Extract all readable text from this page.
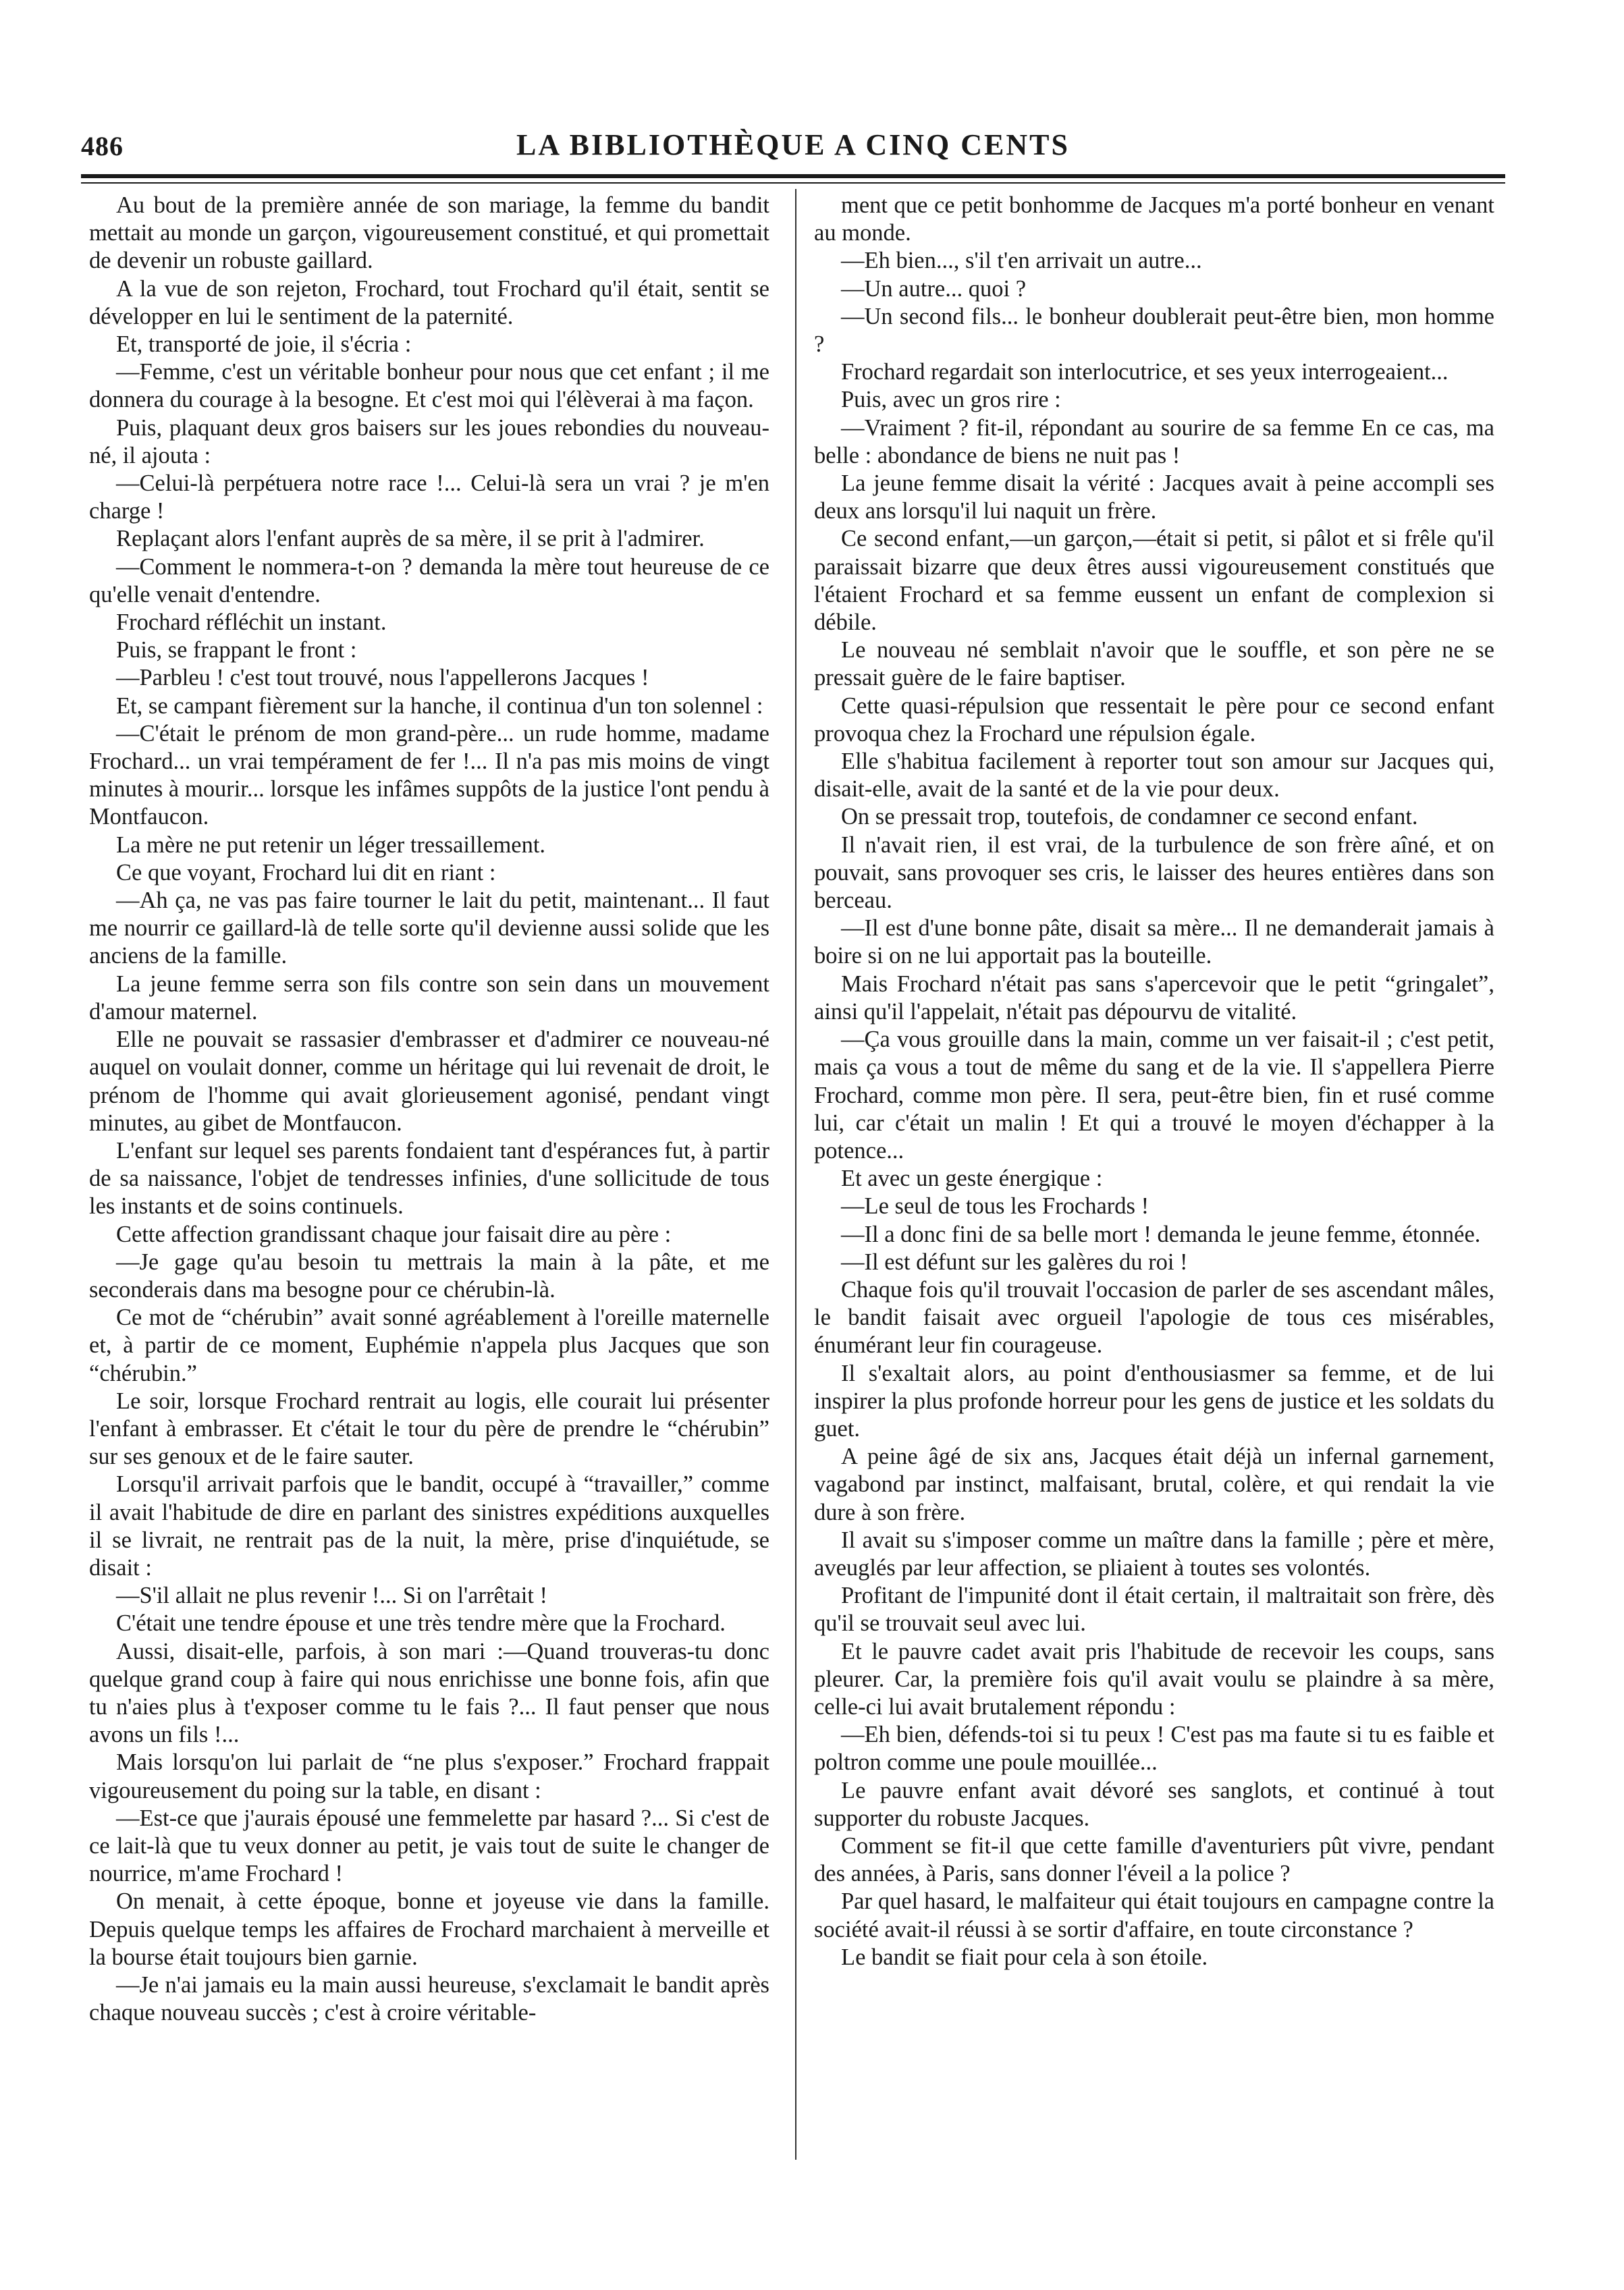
486	LA BIBLIOTHÈQUE A CINQ CENTS

Au bout de la première année de son mariage, la femme du bandit mettait au monde un garçon, vigoureusement constitué, et qui promettait de devenir un robuste gaillard.

A la vue de son rejeton, Frochard, tout Frochard qu'il était, sentit se développer en lui le sentiment de la paternité.

Et, transporté de joie, il s'écria :

—Femme, c'est un véritable bonheur pour nous que cet enfant ; il me donnera du courage à la besogne. Et c'est moi qui l'élèverai à ma façon.

Puis, plaquant deux gros baisers sur les joues rebondies du nouveau-né, il ajouta :

—Celui-là perpétuera notre race !... Celui-là sera un vrai ? je m'en charge !

Replaçant alors l'enfant auprès de sa mère, il se prit à l'admirer.

—Comment le nommera-t-on ? demanda la mère tout heureuse de ce qu'elle venait d'entendre.

Frochard réfléchit un instant.

Puis, se frappant le front :

—Parbleu ! c'est tout trouvé, nous l'appellerons Jacques !

Et, se campant fièrement sur la hanche, il continua d'un ton solennel :

—C'était le prénom de mon grand-père... un rude homme, madame Frochard... un vrai tempérament de fer !... Il n'a pas mis moins de vingt minutes à mourir... lorsque les infâmes suppôts de la justice l'ont pendu à Montfaucon.

La mère ne put retenir un léger tressaillement.

Ce que voyant, Frochard lui dit en riant :

—Ah ça, ne vas pas faire tourner le lait du petit, maintenant... Il faut me nourrir ce gaillard-là de telle sorte qu'il devienne aussi solide que les anciens de la famille.

La jeune femme serra son fils contre son sein dans un mouvement d'amour maternel.

Elle ne pouvait se rassasier d'embrasser et d'admirer ce nouveau-né auquel on voulait donner, comme un héritage qui lui revenait de droit, le prénom de l'homme qui avait glorieusement agonisé, pendant vingt minutes, au gibet de Montfaucon.

L'enfant sur lequel ses parents fondaient tant d'espérances fut, à partir de sa naissance, l'objet de tendresses infinies, d'une sollicitude de tous les instants et de soins continuels.

Cette affection grandissant chaque jour faisait dire au père :

—Je gage qu'au besoin tu mettrais la main à la pâte, et me seconderais dans ma besogne pour ce chérubin-là.

Ce mot de “chérubin” avait sonné agréablement à l'oreille maternelle et, à partir de ce moment, Euphémie n'appela plus Jacques que son “chérubin.”

Le soir, lorsque Frochard rentrait au logis, elle courait lui présenter l'enfant à embrasser. Et c'était le tour du père de prendre le “chérubin” sur ses genoux et de le faire sauter.

Lorsqu'il arrivait parfois que le bandit, occupé à “travailler,” comme il avait l'habitude de dire en parlant des sinistres expéditions auxquelles il se livrait, ne rentrait pas de la nuit, la mère, prise d'inquiétude, se disait :

—S'il allait ne plus revenir !... Si on l'arrêtait !

C'était une tendre épouse et une très tendre mère que la Frochard.

Aussi, disait-elle, parfois, à son mari :—Quand trouveras-tu donc quelque grand coup à faire qui nous enrichisse une bonne fois, afin que tu n'aies plus à t'exposer comme tu le fais ?... Il faut penser que nous avons un fils !...

Mais lorsqu'on lui parlait de “ne plus s'exposer.” Frochard frappait vigoureusement du poing sur la table, en disant :

—Est-ce que j'aurais épousé une femmelette par hasard ?... Si c'est de ce lait-là que tu veux donner au petit, je vais tout de suite le changer de nourrice, m'ame Frochard !

On menait, à cette époque, bonne et joyeuse vie dans la famille. Depuis quelque temps les affaires de Frochard marchaient à merveille et la bourse était toujours bien garnie.

—Je n'ai jamais eu la main aussi heureuse, s'exclamait le bandit après chaque nouveau succès ; c'est à croire véritable-

ment que ce petit bonhomme de Jacques m'a porté bonheur en venant au monde.

—Eh bien..., s'il t'en arrivait un autre...

—Un autre... quoi ?

—Un second fils... le bonheur doublerait peut-être bien, mon homme ?

Frochard regardait son interlocutrice, et ses yeux interrogeaient...

Puis, avec un gros rire :

—Vraiment ? fit-il, répondant au sourire de sa femme En ce cas, ma belle : abondance de biens ne nuit pas !

La jeune femme disait la vérité : Jacques avait à peine accompli ses deux ans lorsqu'il lui naquit un frère.

Ce second enfant,—un garçon,—était si petit, si pâlot et si frêle qu'il paraissait bizarre que deux êtres aussi vigoureusement constitués que l'étaient Frochard et sa femme eussent un enfant de complexion si débile.

Le nouveau né semblait n'avoir que le souffle, et son père ne se pressait guère de le faire baptiser.

Cette quasi-répulsion que ressentait le père pour ce second enfant provoqua chez la Frochard une répulsion égale.

Elle s'habitua facilement à reporter tout son amour sur Jacques qui, disait-elle, avait de la santé et de la vie pour deux.

On se pressait trop, toutefois, de condamner ce second enfant.

Il n'avait rien, il est vrai, de la turbulence de son frère aîné, et on pouvait, sans provoquer ses cris, le laisser des heures entières dans son berceau.

—Il est d'une bonne pâte, disait sa mère... Il ne demanderait jamais à boire si on ne lui apportait pas la bouteille.

Mais Frochard n'était pas sans s'apercevoir que le petit “gringalet”, ainsi qu'il l'appelait, n'était pas dépourvu de vitalité.

—Ça vous grouille dans la main, comme un ver faisait-il ; c'est petit, mais ça vous a tout de même du sang et de la vie. Il s'appellera Pierre Frochard, comme mon père. Il sera, peut-être bien, fin et rusé comme lui, car c'était un malin ! Et qui a trouvé le moyen d'échapper à la potence...

Et avec un geste énergique :

—Le seul de tous les Frochards !

—Il a donc fini de sa belle mort ! demanda le jeune femme, étonnée.

—Il est défunt sur les galères du roi !

Chaque fois qu'il trouvait l'occasion de parler de ses ascendant mâles, le bandit faisait avec orgueil l'apologie de tous ces misérables, énumérant leur fin courageuse.

Il s'exaltait alors, au point d'enthousiasmer sa femme, et de lui inspirer la plus profonde horreur pour les gens de justice et les soldats du guet.

A peine âgé de six ans, Jacques était déjà un infernal garnement, vagabond par instinct, malfaisant, brutal, colère, et qui rendait la vie dure à son frère.

Il avait su s'imposer comme un maître dans la famille ; père et mère, aveuglés par leur affection, se pliaient à toutes ses volontés.

Profitant de l'impunité dont il était certain, il maltraitait son frère, dès qu'il se trouvait seul avec lui.

Et le pauvre cadet avait pris l'habitude de recevoir les coups, sans pleurer. Car, la première fois qu'il avait voulu se plaindre à sa mère, celle-ci lui avait brutalement répondu :

—Eh bien, défends-toi si tu peux ! C'est pas ma faute si tu es faible et poltron comme une poule mouillée...

Le pauvre enfant avait dévoré ses sanglots, et continué à tout supporter du robuste Jacques.

Comment se fit-il que cette famille d'aventuriers pût vivre, pendant des années, à Paris, sans donner l'éveil a la police ?

Par quel hasard, le malfaiteur qui était toujours en campagne contre la société avait-il réussi à se sortir d'affaire, en toute circonstance ?

Le bandit se fiait pour cela à son étoile.
